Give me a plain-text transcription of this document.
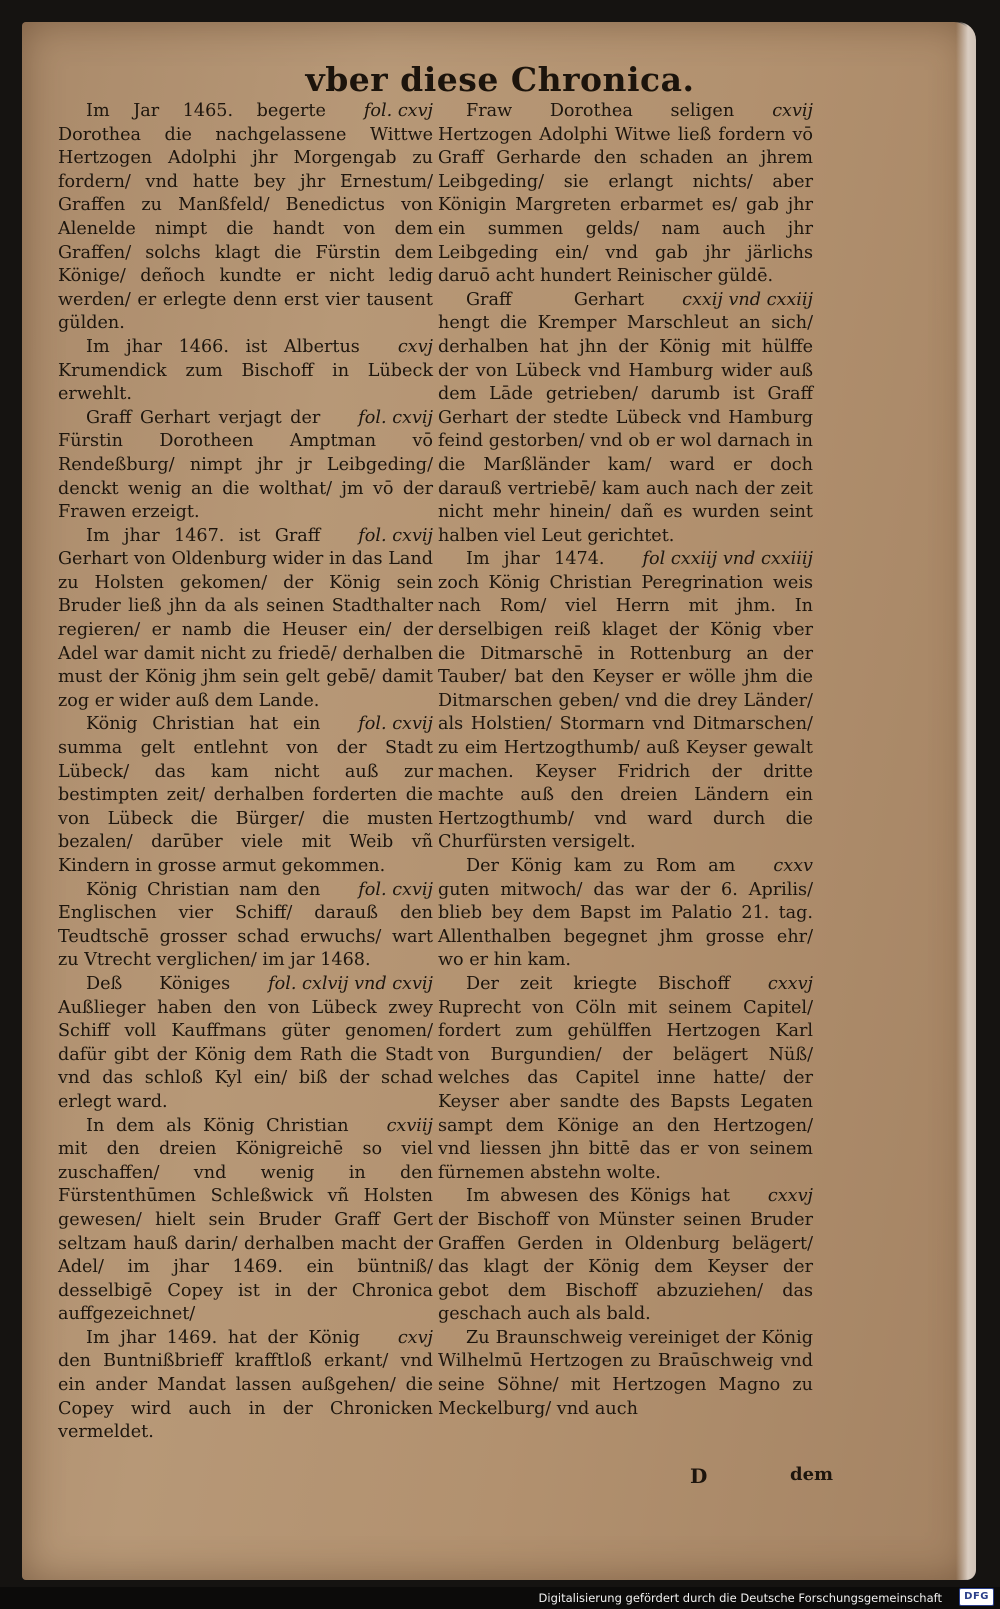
vber diese Chronica.

fol. cxvj
Im Jar 1465. begerte Dorothea die nachgelassene Wittwe Hertzogen Adolphi jhr Morgengab zu fordern/ vnd hatte bey jhr Ernestum/ Graffen zu Manßfeld/ Benedictus von Alenelde nimpt die handt von dem Graffen/ solchs klagt die Fürstin dem Könige/ deñoch kundte er nicht ledig werden/ er erlegte denn erst vier tausent gülden.

cxvj
Im jhar 1466. ist Albertus Krumendick zum Bischoff in Lübeck erwehlt.

fol. cxvij
Graff Gerhart verjagt der Fürstin Dorotheen Amptman vō Rendeßburg/ nimpt jhr jr Leibgeding/ denckt wenig an die wolthat/ jm vō der Frawen erzeigt.

fol. cxvij
Im jhar 1467. ist Graff Gerhart von Oldenburg wider in das Land zu Holsten gekomen/ der König sein Bruder ließ jhn da als seinen Stadthalter regieren/ er namb die Heuser ein/ der Adel war damit nicht zu friedē/ derhalben must der König jhm sein gelt gebē/ damit zog er wider auß dem Lande.

fol. cxvij
König Christian hat ein summa gelt entlehnt von der Stadt Lübeck/ das kam nicht auß zur bestimpten zeit/ derhalben forderten die von Lübeck die Bürger/ die musten bezalen/ darūber viele mit Weib vñ Kindern in grosse armut gekommen.

fol. cxvij
König Christian nam den Englischen vier Schiff/ darauß den Teudtschē grosser schad erwuchs/ wart zu Vtrecht verglichen/ im jar 1468.

fol. cxlvij vnd cxvij
Deß Königes Außlieger haben den von Lübeck zwey Schiff voll Kauffmans güter genomen/ dafür gibt der König dem Rath die Stadt vnd das schloß Kyl ein/ biß der schad erlegt ward.

cxviij
In dem als König Christian mit den dreien Königreichē so viel zuschaffen/ vnd wenig in den Fürstenthūmen Schleßwick vñ Holsten gewesen/ hielt sein Bruder Graff Gert seltzam hauß darin/ derhalben macht der Adel/ im jhar 1469. ein büntniß/ desselbigē Copey ist in der Chronica auffgezeichnet/

cxvj
Im jhar 1469. hat der König den Buntnißbrieff krafftloß erkant/ vnd ein ander Mandat lassen außgehen/ die Copey wird auch in der Chronicken vermeldet.

cxvij
Fraw Dorothea seligen Hertzogen Adolphi Witwe ließ fordern vō Graff Gerharde den schaden an jhrem Leibgeding/ sie erlangt nichts/ aber Königin Margreten erbarmet es/ gab jhr ein summen gelds/ nam auch jhr Leibgeding ein/ vnd gab jhr järlichs daruō acht hundert Reinischer güldē.

cxxij vnd cxxiij
Graff Gerhart hengt die Kremper Marschleut an sich/ derhalben hat jhn der König mit hülffe der von Lübeck vnd Hamburg wider auß dem Lāde getrieben/ darumb ist Graff Gerhart der stedte Lübeck vnd Hamburg feind gestorben/ vnd ob er wol darnach in die Marßländer kam/ ward er doch darauß vertriebē/ kam auch nach der zeit nicht mehr hinein/ dañ es wurden seint halben viel Leut gerichtet.

fol cxxiij vnd cxxiiij
Im jhar 1474. zoch König Christian Peregrination weis nach Rom/ viel Herrn mit jhm. In derselbigen reiß klaget der König vber die Ditmarschē in Rottenburg an der Tauber/ bat den Keyser er wölle jhm die Ditmarschen geben/ vnd die drey Länder/ als Holstien/ Stormarn vnd Ditmarschen/ zu eim Hertzogthumb/ auß Keyser gewalt machen. Keyser Fridrich der dritte machte auß den dreien Ländern ein Hertzogthumb/ vnd ward durch die Churfürsten versigelt.

cxxv
Der König kam zu Rom am guten mitwoch/ das war der 6. Aprilis/ blieb bey dem Bapst im Palatio 21. tag. Allenthalben begegnet jhm grosse ehr/ wo er hin kam.

cxxvj
Der zeit kriegte Bischoff Ruprecht von Cöln mit seinem Capitel/ fordert zum gehülffen Hertzogen Karl von Burgundien/ der belägert Nüß/ welches das Capitel inne hatte/ der Keyser aber sandte des Bapsts Legaten sampt dem Könige an den Hertzogen/ vnd liessen jhn bittē das er von seinem fürnemen abstehn wolte.

cxxvj
Im abwesen des Königs hat der Bischoff von Münster seinen Bruder Graffen Gerden in Oldenburg belägert/ das klagt der König dem Keyser der gebot dem Bischoff abzuziehen/ das geschach auch als bald.

Zu Braunschweig vereiniget der König Wilhelmū Hertzogen zu Braūschweig vnd seine Söhne/ mit Hertzogen Magno zu Meckelburg/ vnd auch

D	dem
Digitalisierung gefördert durch die Deutsche Forschungsgemeinschaft	DFG
